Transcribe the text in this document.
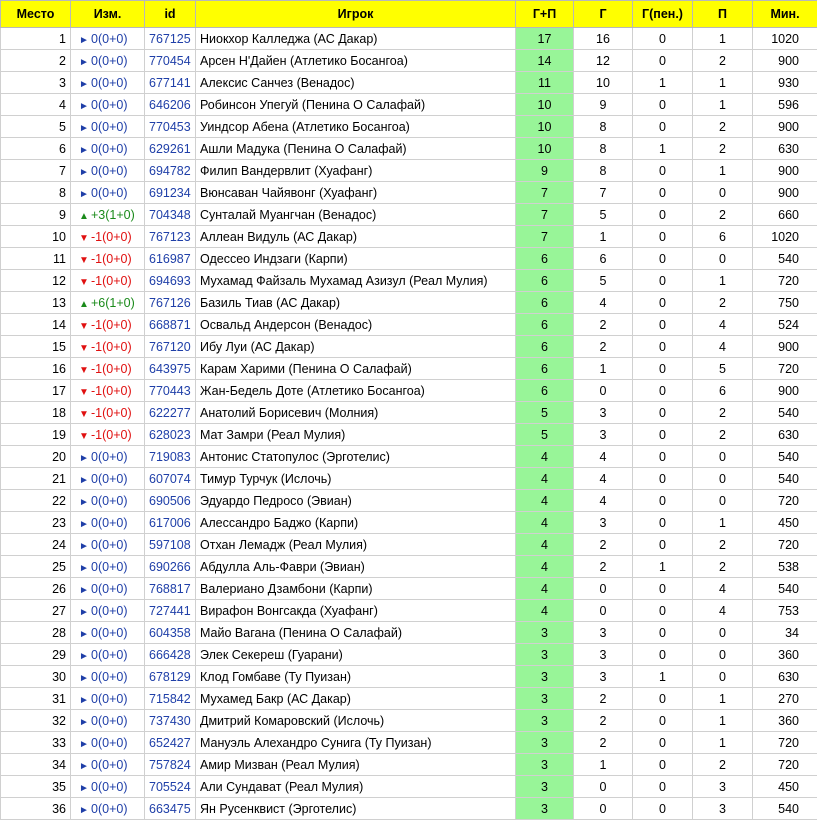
Место	Изм.	id	Игрок	Г+П	Г	Г(пен.)	П	Мин.
1	► 0(0+0)	767125	Ниокхор Калледжа (АС Дакар)	17	16	0	1	1020
2	► 0(0+0)	770454	Арсен Н'Дайен (Атлетико Босангоа)	14	12	0	2	900
3	► 0(0+0)	677141	Алексис Санчез (Венадос)	11	10	1	1	930
4	► 0(0+0)	646206	Робинсон Упегуй (Пенина О Салафай)	10	9	0	1	596
5	► 0(0+0)	770453	Уиндсор Абена (Атлетико Босангоа)	10	8	0	2	900
6	► 0(0+0)	629261	Ашли Мадука (Пенина О Салафай)	10	8	1	2	630
7	► 0(0+0)	694782	Филип Вандервлит (Хуафанг)	9	8	0	1	900
8	► 0(0+0)	691234	Вюнсаван Чайявонг (Хуафанг)	7	7	0	0	900
9	▲ +3(1+0)	704348	Сунталай Муангчан (Венадос)	7	5	0	2	660
10	▼ -1(0+0)	767123	Аллеан Видуль (АС Дакар)	7	1	0	6	1020
11	▼ -1(0+0)	616987	Одессео Индзаги (Карпи)	6	6	0	0	540
12	▼ -1(0+0)	694693	Мухамад Файзаль Мухамад Азизул (Реал Мулия)	6	5	0	1	720
13	▲ +6(1+0)	767126	Базиль Тиав (АС Дакар)	6	4	0	2	750
14	▼ -1(0+0)	668871	Освальд Андерсон (Венадос)	6	2	0	4	524
15	▼ -1(0+0)	767120	Ибу Луи (АС Дакар)	6	2	0	4	900
16	▼ -1(0+0)	643975	Карам Харими (Пенина О Салафай)	6	1	0	5	720
17	▼ -1(0+0)	770443	Жан-Бедель Доте (Атлетико Босангоа)	6	0	0	6	900
18	▼ -1(0+0)	622277	Анатолий Борисевич (Молния)	5	3	0	2	540
19	▼ -1(0+0)	628023	Мат Замри (Реал Мулия)	5	3	0	2	630
20	► 0(0+0)	719083	Антонис Статопулос (Эрготелис)	4	4	0	0	540
21	► 0(0+0)	607074	Тимур Турчук (Ислочь)	4	4	0	0	540
22	► 0(0+0)	690506	Эдуардо Педросо (Эвиан)	4	4	0	0	720
23	► 0(0+0)	617006	Алессандро Баджо (Карпи)	4	3	0	1	450
24	► 0(0+0)	597108	Отхан Лемадж (Реал Мулия)	4	2	0	2	720
25	► 0(0+0)	690266	Абдулла Аль-Фаври (Эвиан)	4	2	1	2	538
26	► 0(0+0)	768817	Валериано Дзамбони (Карпи)	4	0	0	4	540
27	► 0(0+0)	727441	Вирафон Вонгсакда (Хуафанг)	4	0	0	4	753
28	► 0(0+0)	604358	Майо Вагана (Пенина О Салафай)	3	3	0	0	34
29	► 0(0+0)	666428	Элек Секереш (Гуарани)	3	3	0	0	360
30	► 0(0+0)	678129	Клод Гомбаве (Ту Пуизан)	3	3	1	0	630
31	► 0(0+0)	715842	Мухамед Бакр (АС Дакар)	3	2	0	1	270
32	► 0(0+0)	737430	Дмитрий Комаровский (Ислочь)	3	2	0	1	360
33	► 0(0+0)	652427	Мануэль Алехандро Сунига (Ту Пуизан)	3	2	0	1	720
34	► 0(0+0)	757824	Амир Мизван (Реал Мулия)	3	1	0	2	720
35	► 0(0+0)	705524	Али Сундават (Реал Мулия)	3	0	0	3	450
36	► 0(0+0)	663475	Ян Русенквист (Эрготелис)	3	0	0	3	540
